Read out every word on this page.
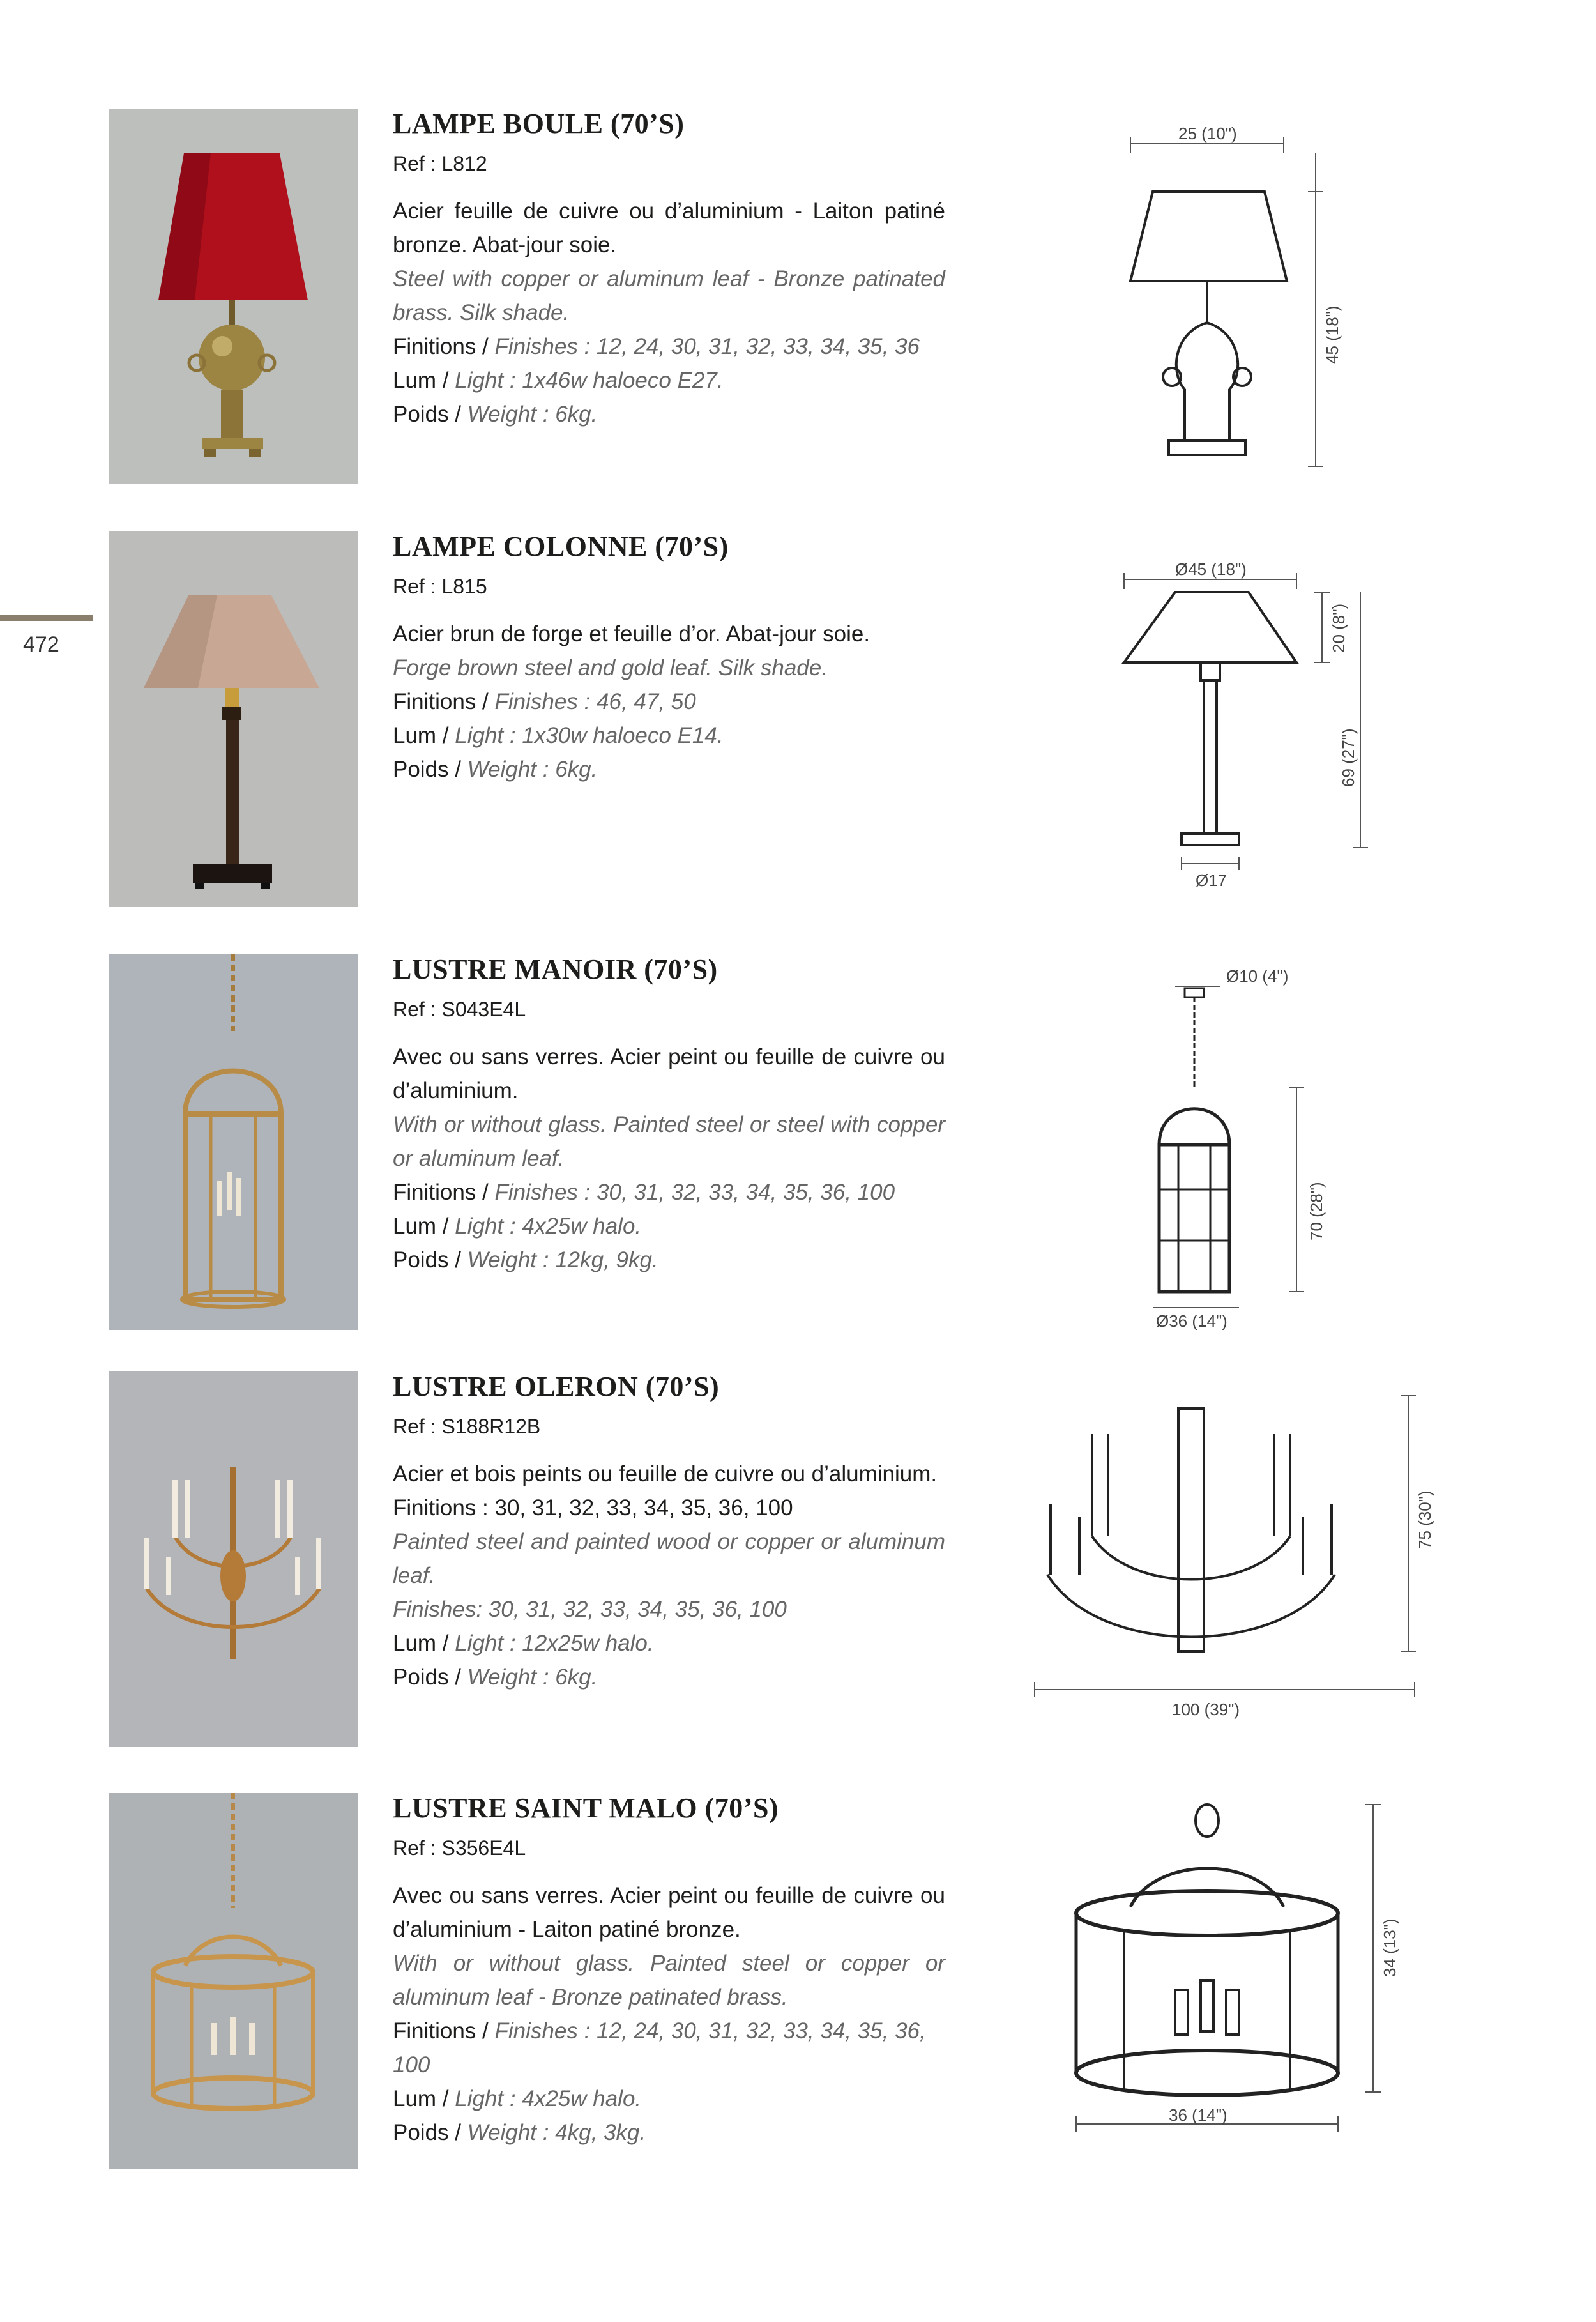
472
LAMPE BOULE (70’S)
Ref : L812
Acier feuille de cuivre ou d’aluminium - Laiton patiné bronze. Abat-jour soie.
Steel with copper or aluminum leaf - Bronze patinated brass. Silk shade.
Finitions / Finishes : 12, 24, 30, 31, 32, 33, 34, 35, 36
Lum / Light : 1x46w haloeco E27.
Poids / Weight : 6kg.
25 (10")
45 (18")
LAMPE COLONNE (70’S)
Ref : L815
Acier brun de forge et feuille d’or. Abat-jour soie.
Forge brown steel and gold leaf. Silk shade.
Finitions / Finishes : 46, 47, 50
Lum / Light : 1x30w haloeco E14.
Poids / Weight : 6kg.
Ø45 (18")
Ø17
20 (8")
69 (27")
LUSTRE MANOIR (70’S)
Ref : S043E4L
Avec ou sans verres. Acier peint ou feuille de cuivre ou d’aluminium.
With or without glass. Painted steel or steel with copper or aluminum leaf.
Finitions / Finishes : 30, 31, 32, 33, 34, 35, 36, 100
Lum / Light : 4x25w halo.
Poids / Weight : 12kg, 9kg.
Ø10 (4")
Ø36 (14")
70 (28")
LUSTRE OLERON (70’S)
Ref : S188R12B
Acier et bois peints ou feuille de cuivre ou d’aluminium.
Finitions : 30, 31, 32, 33, 34, 35, 36, 100
Painted steel and painted wood or copper or aluminum leaf.
Finishes: 30, 31, 32, 33, 34, 35, 36, 100
Lum / Light : 12x25w halo.
Poids / Weight : 6kg.
100 (39")
75 (30")
LUSTRE SAINT MALO (70’S)
Ref : S356E4L
Avec ou sans verres. Acier peint ou feuille de cuivre ou d’aluminium - Laiton patiné bronze.
With or without glass. Painted steel or copper or aluminum leaf - Bronze patinated brass.
Finitions / Finishes : 12, 24, 30, 31, 32, 33, 34, 35, 36, 100
Lum / Light : 4x25w halo.
Poids / Weight : 4kg, 3kg.
36 (14")
34 (13")
